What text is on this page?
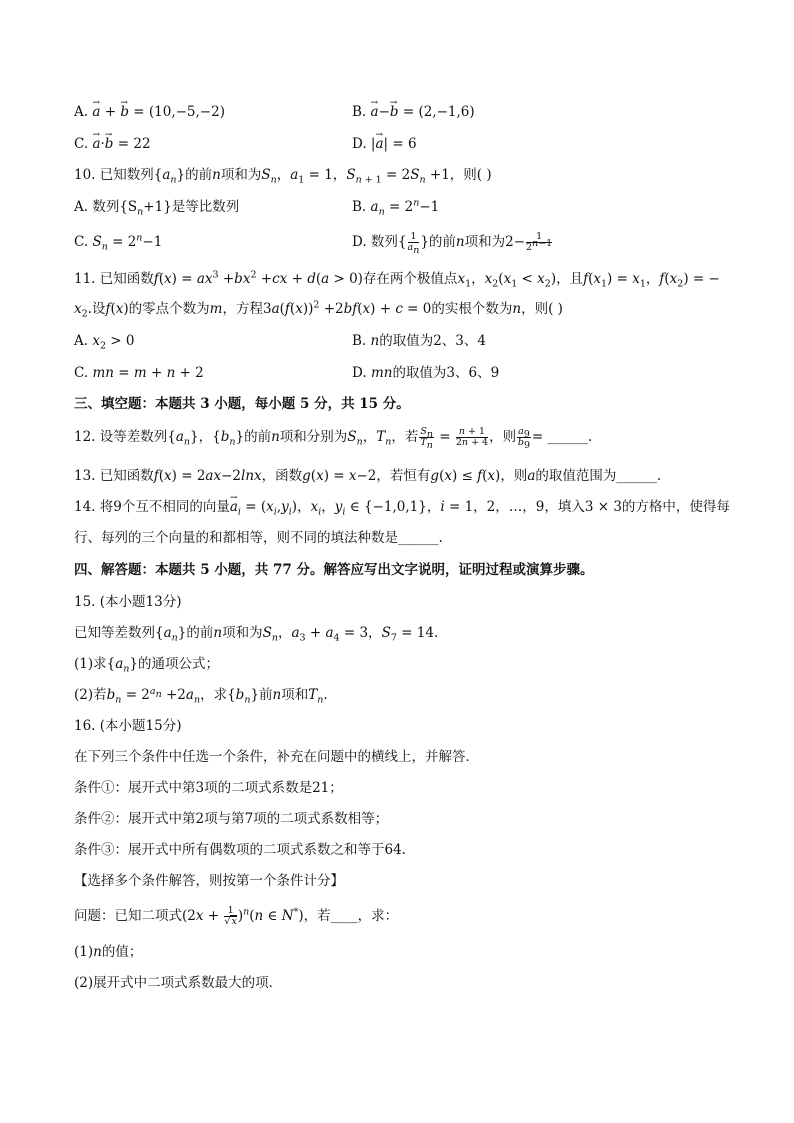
A. → a + → b = (10,−5,−2)	B. → a−→ b = (2,−1,6)
C. → a·→ b = 22	D. |→ a| = 6
10. 已知数列$\{a_n\}$的前n项和为$S_n$，$a_1 = 1$，$S_{n + 1} = 2S_n +1$，则( )
A. 数列$\{S_n+1\}$是等比数列	B. $a_n = 2^n-1$
C. $S_n = 2^n-1$	D. 数列{ $\frac{1}{a_n}$ }的前n项和为$2- \frac{1}{2^{n-1}}$
11. 已知函数$f(x) = ax^3 +bx^2 +cx + d(a > 0)$存在两个极值点$x_1$，$x_2(x_1 < x_2)$，且$f(x_1) = x_1$，$f(x_2)$ = −
$x_2$.设f(x)的零点个数为m，方程$3a(f(x))^2 +2bf(x) + c = 0$的实根个数为n，则( )
A. $x_2 > 0$	B. n的取值为2、3、4
C. mn = m + n + 2	D. mn的取值为3、6、9
三、填空题：本题共 3 小题，每小题 5 分，共 15 分。
12. 设等差数列$\{a_n\}$，$\{b_n\}$的前n项和分别为$S_n$，$T_n$，若 $\frac{S_n}{T_n} = \frac{n + 1}{2n + 4}$ ，则 $\frac{a_9}{b_9}$ = ______.
13. 已知函数f(x) = 2ax−2lnx，函数g(x) = x−2，若恒有g(x) ≤ f(x)，则a的取值范围为______.
14. 将9个互不相同的向量→ $a_i = (x_i,y_i)$，$x_i$，$y_i$ ∈ {−1,0,1}，i = 1，2，…，9，填入3 × 3的方格中，使得每
行、每列的三个向量的和都相等，则不同的填法种数是______.
四、解答题：本题共 5 小题，共 77 分。解答应写出文字说明，证明过程或演算步骤。
15. (本小题13分)
已知等差数列$\{a_n\}$的前n项和为$S_n$，$a_3 + a_4 = 3$，$S_7 = 14$.
(1)求$\{a_n\}$的通项公式；
(2)若$b_n = 2^{a_n} +2a_n$，求$\{b_n\}$前n项和$T_n$.
16. (本小题15分)
在下列三个条件中任选一个条件，补充在问题中的横线上，并解答．
条件①：展开式中第3项的二项式系数是21；
条件②：展开式中第2项与第7项的二项式系数相等；
条件③：展开式中所有偶数项的二项式系数之和等于64.
【选择多个条件解答，则按第一个条件计分】
问题：已知二项式$(2x + \frac{1}{√x} )^n(n$ ∈ N*)，若____，求：
(1)n的值；
(2)展开式中二项式系数最大的项．
